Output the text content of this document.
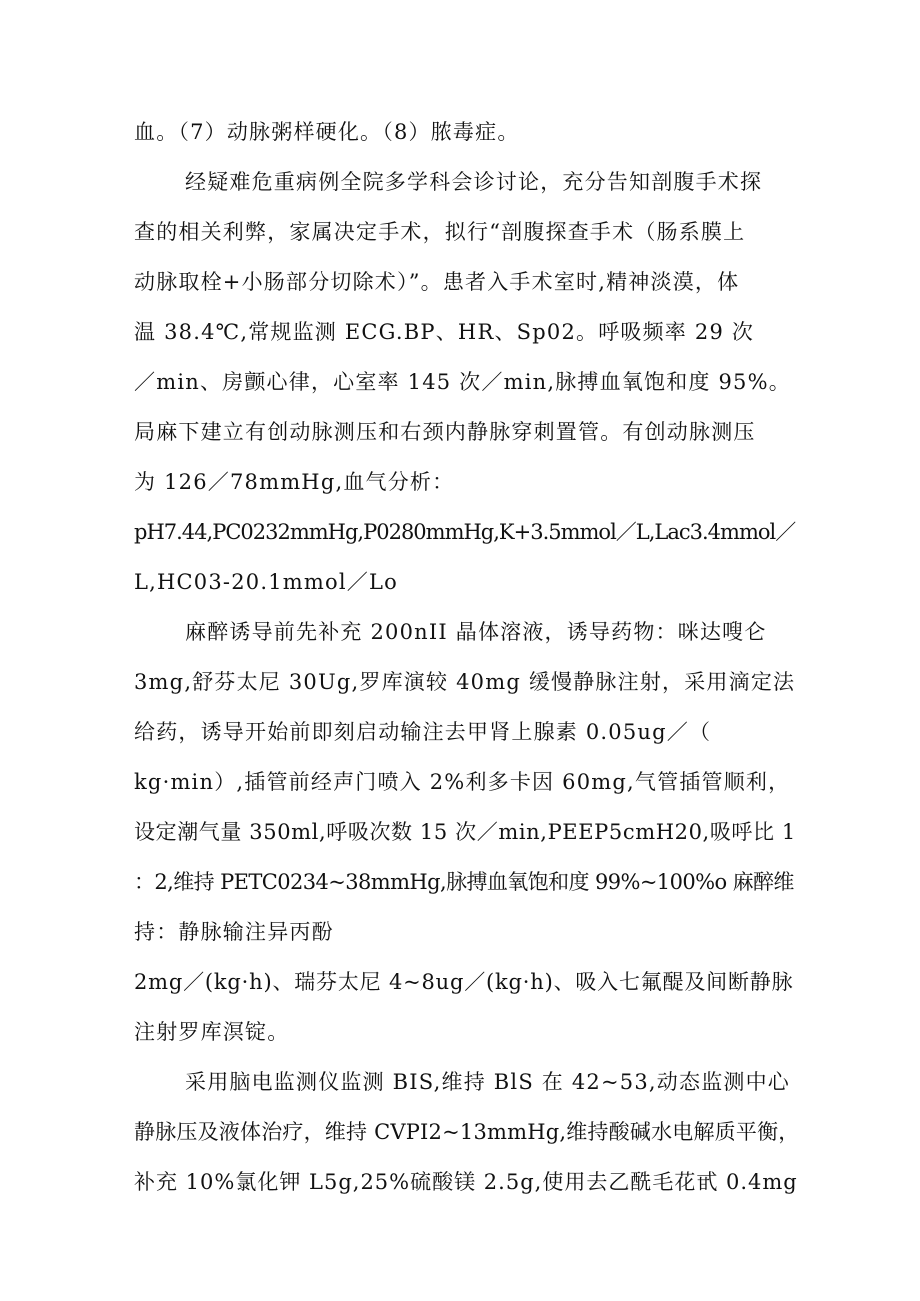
血。（7）动脉粥样硬化。（8）脓毒症。
经疑难危重病例全院多学科会诊讨论，充分告知剖腹手术探
查的相关利弊，家属决定手术，拟行“剖腹探查手术（肠系膜上
动脉取栓+小肠部分切除术）”。患者入手术室时,精神淡漠，体
温 38.4℃,常规监测 ECG.BP、HR、Sp02。呼吸频率 29 次
／min、房颤心律，心室率 145 次／min,脉搏血氧饱和度 95%。
局麻下建立有创动脉测压和右颈内静脉穿刺置管。有创动脉测压
为 126／78mmHg,血气分析：
pH7.44,PC0232mmHg,P0280mmHg,K+3.5mmol／L,Lac3.4mmol／
L,HC03-20.1mmol／Lo
麻醉诱导前先补充 200nII 晶体溶液，诱导药物：咪达嗖仑
3mg,舒芬太尼 30Ug,罗库演较 40mg 缓慢静脉注射，采用滴定法
给药，诱导开始前即刻启动输注去甲肾上腺素 0.05ug／（
kg·min）,插管前经声门喷入 2%利多卡因 60mg,气管插管顺利，
设定潮气量 350ml,呼吸次数 15 次／min,PEEP5cmH20,吸呼比 1
：2,维持 PETC0234~38mmHg,脉搏血氧饱和度 99%~100%o 麻醉维
持：静脉输注异丙酚
2mg／(kg·h)、瑞芬太尼 4~8ug／(kg·h)、吸入七氟醍及间断静脉
注射罗库溟锭。
采用脑电监测仪监测 BIS,维持 BlS 在 42~53,动态监测中心
静脉压及液体治疗，维持 CVPI2~13mmHg,维持酸碱水电解质平衡，
补充 10%氯化钾 L5g,25%硫酸镁 2.5g,使用去乙酰毛花甙 0.4mg
